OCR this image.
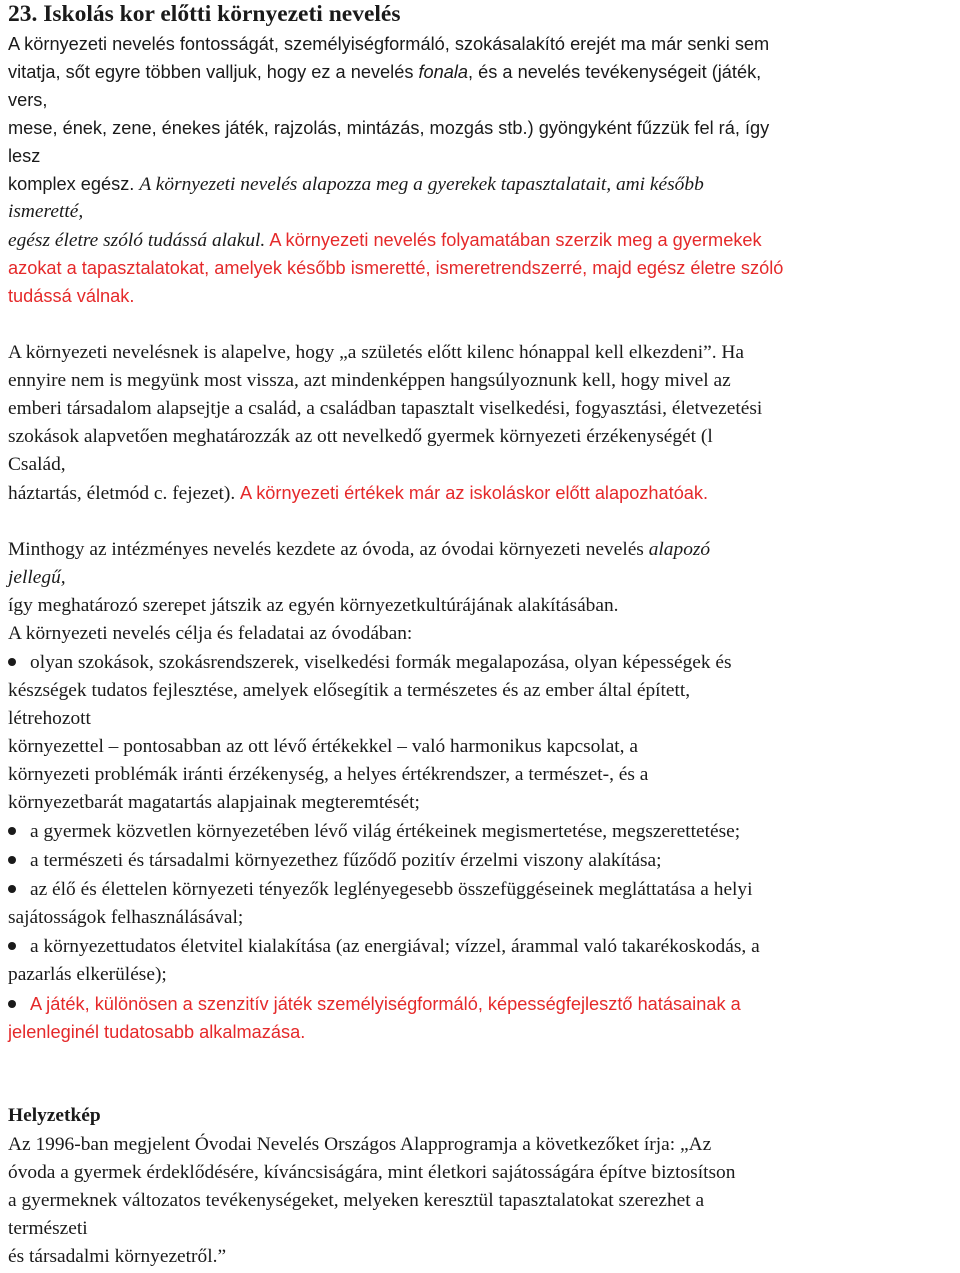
23. Iskolás kor előtti környezeti nevelés
A környezeti nevelés fontosságát, személyiségformáló, szokásalakító erejét ma már senki sem
vitatja, sőt egyre többen valljuk, hogy ez a nevelés fonala, és a nevelés tevékenységeit (játék,
vers,
mese, ének, zene, énekes játék, rajzolás, mintázás, mozgás stb.) gyöngyként fűzzük fel rá, így
lesz
komplex egész. A környezeti nevelés alapozza meg a gyerekek tapasztalatait, ami később
ismeretté,
egész életre szóló tudássá alakul. A környezeti nevelés folyamatában szerzik meg a gyermekek
azokat a tapasztalatokat, amelyek később ismeretté, ismeretrendszerré, majd egész életre szóló
tudássá válnak.
A környezeti nevelésnek is alapelve, hogy „a születés előtt kilenc hónappal kell elkezdeni”. Ha
ennyire nem is megyünk most vissza, azt mindenképpen hangsúlyoznunk kell, hogy mivel az
emberi társadalom alapsejtje a család, a családban tapasztalt viselkedési, fogyasztási, életvezetési
szokások alapvetően meghatározzák az ott nevelkedő gyermek környezeti érzékenységét (l
Család,
háztartás, életmód c. fejezet). A környezeti értékek már az iskoláskor előtt alapozhatóak.
Minthogy az intézményes nevelés kezdete az óvoda, az óvodai környezeti nevelés alapozó
jellegű,
így meghatározó szerepet játszik az egyén környezetkultúrájának alakításában.
A környezeti nevelés célja és feladatai az óvodában:
olyan szokások, szokásrendszerek, viselkedési formák megalapozása, olyan képességek és
készségek tudatos fejlesztése, amelyek elősegítik a természetes és az ember által épített,
létrehozott
környezettel – pontosabban az ott lévő értékekkel – való harmonikus kapcsolat, a
környezeti problémák iránti érzékenység, a helyes értékrendszer, a természet-, és a
környezetbarát magatartás alapjainak megteremtését;
a gyermek közvetlen környezetében lévő világ értékeinek megismertetése, megszerettetése;
a természeti és társadalmi környezethez fűződő pozitív érzelmi viszony alakítása;
az élő és élettelen környezeti tényezők leglényegesebb összefüggéseinek megláttatása a helyi
sajátosságok felhasználásával;
a környezettudatos életvitel kialakítása (az energiával; vízzel, árammal való takarékoskodás, a
pazarlás elkerülése);
A játék, különösen a szenzitív játék személyiségformáló, képességfejlesztő hatásainak a
jelenleginél tudatosabb alkalmazása.
Helyzetkép
Az 1996-ban megjelent Óvodai Nevelés Országos Alapprogramja a következőket írja: „Az
óvoda a gyermek érdeklődésére, kíváncsiságára, mint életkori sajátosságára építve biztosítson
a gyermeknek változatos tevékenységeket, melyeken keresztül tapasztalatokat szerezhet a
természeti
és társadalmi környezetről.”
